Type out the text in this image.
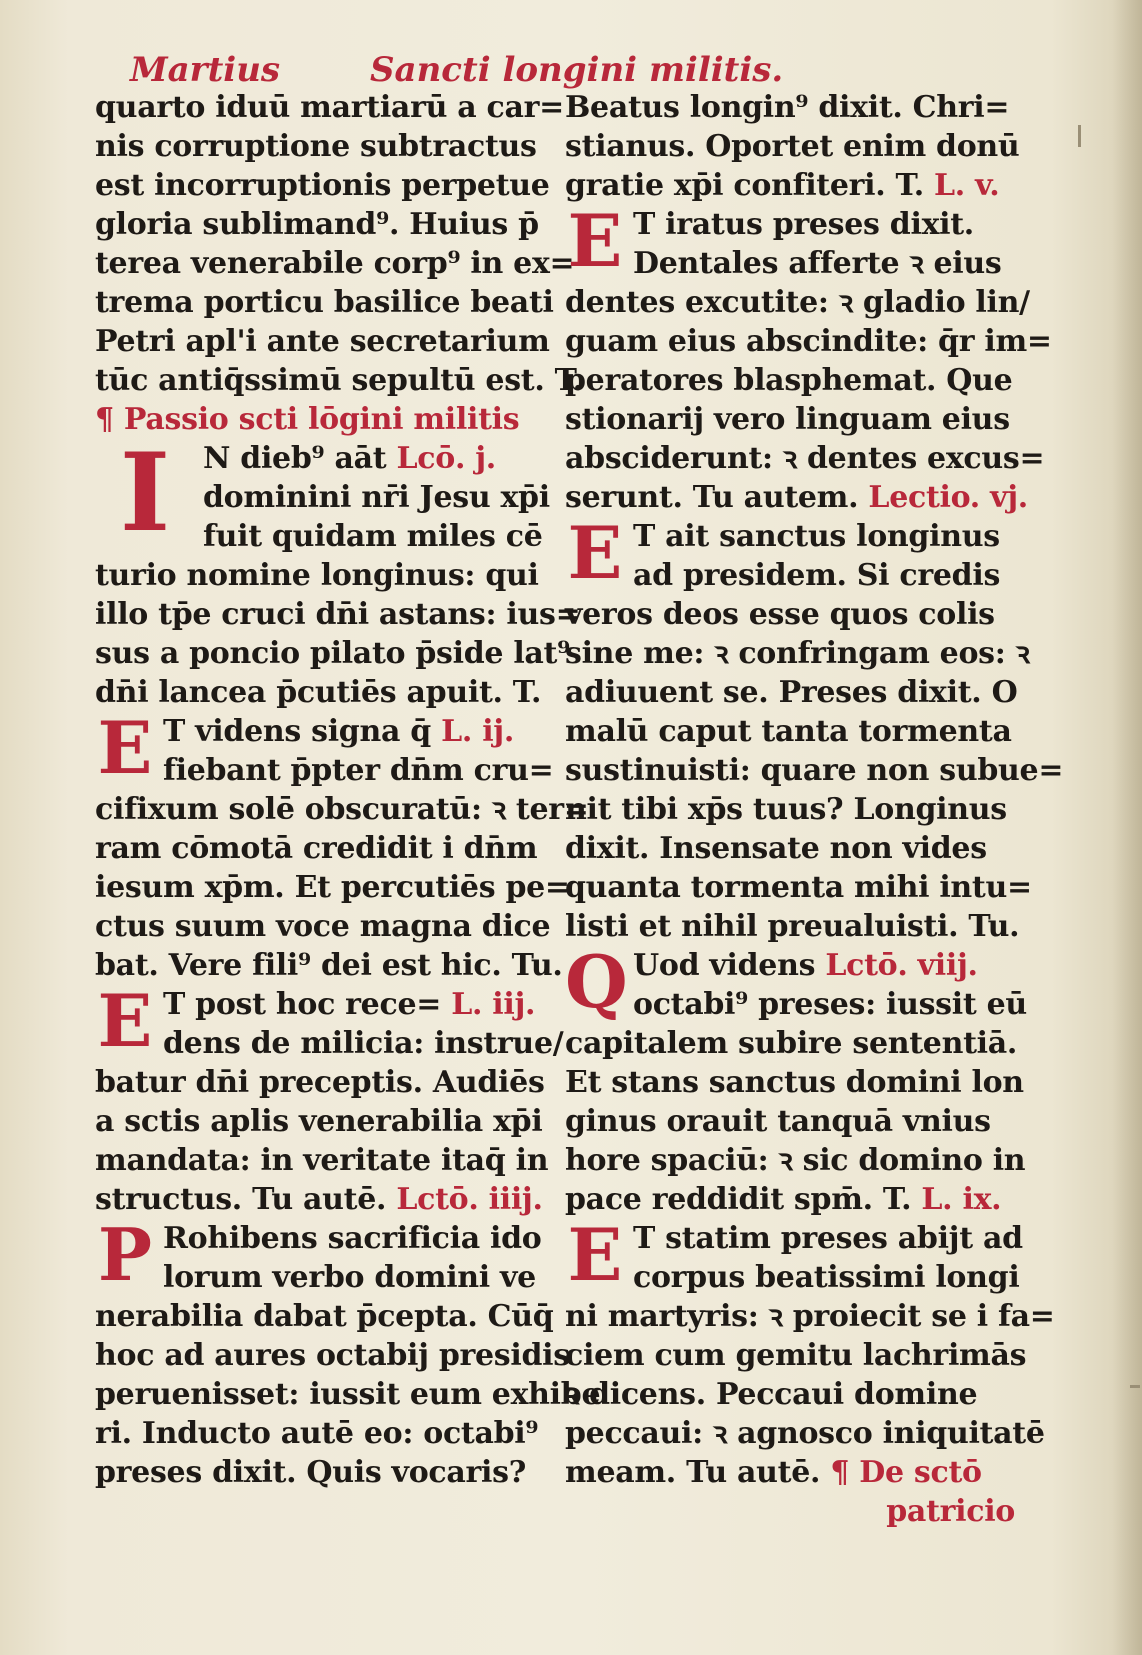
Martius	Sancti longini militis.
quarto iduū martiarū a car=
nis corruptione subtractus
est incorruptionis perpetue
gloria sublimand⁹. Huius p̄
terea venerabile corp⁹ in ex=
trema porticu basilice beati
Petri apl'i ante secretarium
tūc antiq̄ssimū sepultū est. T.
¶ Passio scti lōgini militis
I	N dieb⁹ aāt Lcō. j.
dominini nr̄i Jesu xp̄i
fuit quidam miles cē
turio nomine longinus: qui
illo tp̄e cruci dn̄i astans: ius=
sus a poncio pilato p̄side lat⁹
dn̄i lancea p̄cutiēs apuit. T.
E T videns signa q̄ L. ij.
fiebant p̄pter dn̄m cru=
cifixum solē obscuratū: ꝛ ter=
ram cōmotā credidit i dn̄m
iesum xp̄m. Et percutiēs pe=
ctus suum voce magna dice
bat. Vere fili⁹ dei est hic. Tu.
E T post hoc rece= L. iij.
dens de milicia: instrue/
batur dn̄i preceptis. Audiēs
a sctis aplis venerabilia xp̄i
mandata: in veritate itaq̄ in
structus. Tu autē. Lctō. iiij.
P Rohibens sacrificia ido
lorum verbo domini ve
nerabilia dabat p̄cepta. Cūq̄
hoc ad aures octabij presidis
peruenisset: iussit eum exhibe
ri. Inducto autē eo: octabi⁹
preses dixit. Quis vocaris?
Beatus longin⁹ dixit. Chri=
stianus. Oportet enim donū
gratie xp̄i confiteri. T. L. v.
E T iratus preses dixit.
Dentales afferte ꝛ eius
dentes excutite: ꝛ gladio lin/
guam eius abscindite: q̄r im=
peratores blasphemat. Que
stionarij vero linguam eius
absciderunt: ꝛ dentes excus=
serunt. Tu autem. Lectio. vj.
E T ait sanctus longinus
ad presidem. Si credis
veros deos esse quos colis
sine me: ꝛ confringam eos: ꝛ
adiuuent se. Preses dixit. O
malū caput tanta tormenta
sustinuisti: quare non subue=
nit tibi xp̄s tuus? Longinus
dixit. Insensate non vides
quanta tormenta mihi intu=
listi et nihil preualuisti. Tu.
Q Uod videns Lctō. viij.
octabi⁹ preses: iussit eū
capitalem subire sententiā.
Et stans sanctus domini lon
ginus orauit tanquā vnius
hore spaciū: ꝛ sic domino in
pace reddidit spm̄. T. L. ix.
E T statim preses abijt ad
corpus beatissimi longi
ni martyris: ꝛ proiecit se i fa=
ciem cum gemitu lachrimās
ꝛ dicens. Peccaui domine
peccaui: ꝛ agnosco iniquitatē
meam. Tu autē. ¶ De sctō
patricio
